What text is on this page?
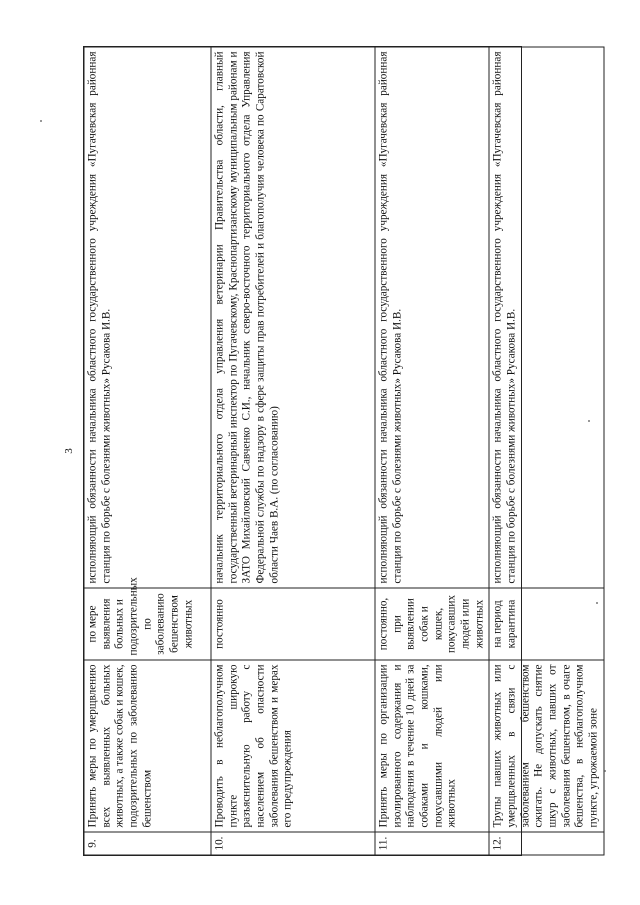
3
9.	Принять меры по умерщвлению всех выявленных больных животных, а также собак и кошек, подозрительных по заболеванию бешенством	по мере выявления больных и подозрительных по заболеванию бешенством животных	исполняющий обязанности начальника областного государственного учреждения «Пугачевская районная станция по борьбе с болезнями животных» Русакова И.В.
10.	Проводить в неблагополучном пункте широкую разъяснительную работу с населением об опасности заболевания бешенством и мерах его предупреждения	постоянно	начальник территориального отдела управления ветеринарии Правительства области, главный государственный ветеринарный инспектор по Пугачевскому, Краснопартизанскому муниципальным районам и ЗАТО Михайловский Савченко С.И., начальник северо-восточного территориального отдела Управления Федеральной службы по надзору в сфере защиты прав потребителей и благополучия человека по Саратовской области Чаев В.А. (по согласованию)
11.	Принять меры по организации изолированного содержания и наблюдения в течение 10 дней за собаками и кошками, покусавшими людей или животных	постоянно, при выявлении собак и кошек, покусавших людей или животных	исполняющий обязанности начальника областного государственного учреждения «Пугачевская районная станция по борьбе с болезнями животных» Русакова И.В.
12.	Трупы павших животных или умерщвленных в связи с заболеванием бешенством сжигать. Не допускать снятие шкур с животных, павших от заболевания бешенством, в очаге бешенства, в неблагополучном пункте, угрожаемой зоне	на период карантина	исполняющий обязанности начальника областного государственного учреждения «Пугачевская районная станция по борьбе с болезнями животных» Русакова И.В.
